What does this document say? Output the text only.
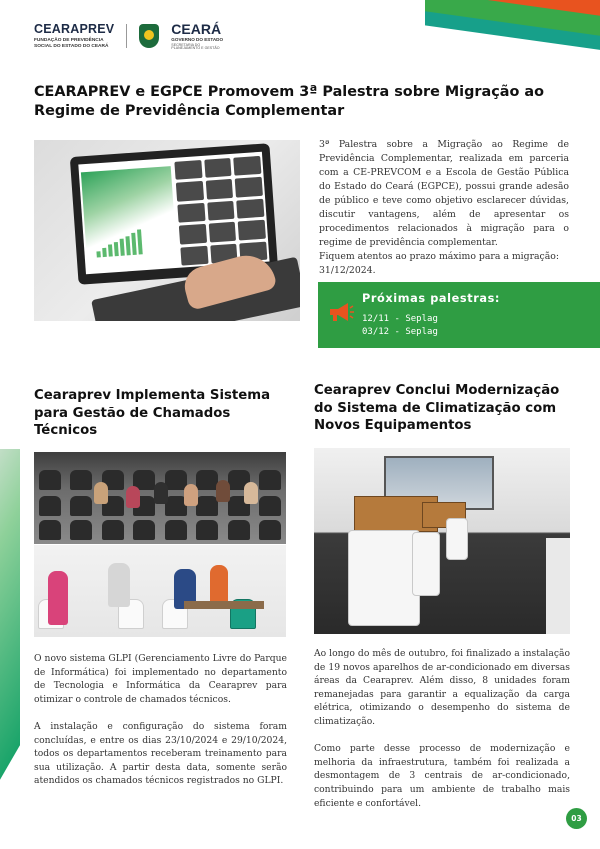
CEARAPREV
FUNDAÇÃO DE PREVIDÊNCIA
SOCIAL DO ESTADO DO CEARÁ
CEARÁ
GOVERNO DO ESTADO
SECRETARIA DO
PLANEJAMENTO E GESTÃO
CEARAPREV e EGPCE Promovem 3ª Palestra sobre Migração ao Regime de Previdência Complementar

3ª Palestra sobre a Migração ao Regime de Previdência Complementar, realizada em parceria com a CE-PREVCOM e a Escola de Gestão Pública do Estado do Ceará (EGPCE), possui grande adesão de público e teve como objetivo esclarecer dúvidas, discutir vantagens, além de apresentar os procedimentos relacionados à migração para o regime de previdência complementar.

Fiquem atentos ao prazo máximo para a migração: 31/12/2024.

Próximas palestras:
12/11 - Seplag
03/12 - Seplag
Cearaprev Implementa Sistema para Gestão de Chamados Técnicos

O novo sistema GLPI (Gerenciamento Livre do Parque de Informática) foi implementado no departamento de Tecnologia e Informática da Cearaprev para otimizar o controle de chamados técnicos.

A instalação e configuração do sistema foram concluídas, e entre os dias 23/10/2024 e 29/10/2024, todos os departamentos receberam treinamento para sua utilização. A partir desta data, somente serão atendidos os chamados técnicos registrados no GLPI.

Cearaprev Conclui Modernização do Sistema de Climatização com Novos Equipamentos

Ao longo do mês de outubro, foi finalizado a instalação de 19 novos aparelhos de ar-condicionado em diversas áreas da Cearaprev. Além disso, 8 unidades foram remanejadas para garantir a equalização da carga elétrica, otimizando o desempenho do sistema de climatização.

Como parte desse processo de modernização e melhoria da infraestrutura, também foi realizada a desmontagem de 3 centrais de ar-condicionado, contribuindo para um ambiente de trabalho mais eficiente e confortável.

03
